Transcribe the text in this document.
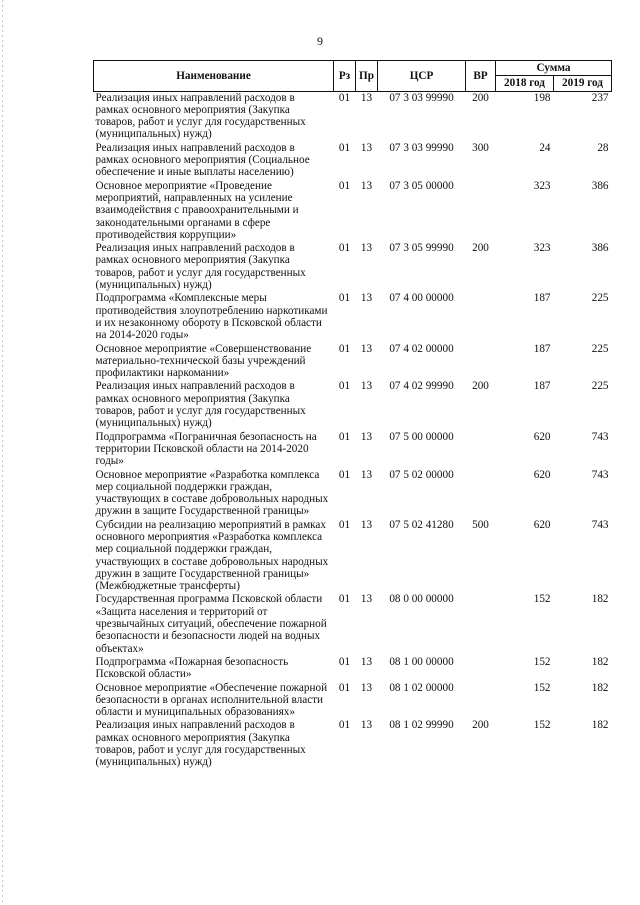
9
Наименование	Рз	Пр	ЦСР	ВР	Сумма	
					2018 год	2019 год
Реализация иных направлений расходов в рамках основного мероприятия (Закупка товаров, работ и услуг для государственных (муниципальных) нужд)	01	13	07 3 03 99990	200	198	237
Реализация иных направлений расходов в рамках основного мероприятия (Социальное обеспечение и иные выплаты населению)	01	13	07 3 03 99990	300	24	28
Основное мероприятие «Проведение мероприятий, направленных на усиление взаимодействия с правоохранительными и законодательными органами в сфере противодействия коррупции»	01	13	07 3 05 00000		323	386
Реализация иных направлений расходов в рамках основного мероприятия (Закупка товаров, работ и услуг для государственных (муниципальных) нужд)	01	13	07 3 05 99990	200	323	386
Подпрограмма «Комплексные меры противодействия злоупотреблению наркотиками и их незаконному обороту в Псковской области на 2014-2020 годы»	01	13	07 4 00 00000		187	225
Основное мероприятие «Совершенствование материально-технической базы учреждений профилактики наркомании»	01	13	07 4 02 00000		187	225
Реализация иных направлений расходов в рамках основного мероприятия (Закупка товаров, работ и услуг для государственных (муниципальных) нужд)	01	13	07 4 02 99990	200	187	225
Подпрограмма «Пограничная безопасность на территории Псковской области на 2014-2020 годы»	01	13	07 5 00 00000		620	743
Основное мероприятие «Разработка комплекса мер социальной поддержки граждан, участвующих в составе добровольных народных дружин в защите Государственной границы»	01	13	07 5 02 00000		620	743
Субсидии на реализацию мероприятий в рамках основного мероприятия «Разработка комплекса мер социальной поддержки граждан, участвующих в составе добровольных народных дружин в защите Государственной границы» (Межбюджетные трансферты)	01	13	07 5 02 41280	500	620	743
Государственная программа Псковской области «Защита населения и территорий от чрезвычайных ситуаций, обеспечение пожарной безопасности и безопасности людей на водных объектах»	01	13	08 0 00 00000		152	182
Подпрограмма «Пожарная безопасность Псковской области»	01	13	08 1 00 00000		152	182
Основное мероприятие «Обеспечение пожарной безопасности в органах исполнительной власти области и муниципальных образованиях»	01	13	08 1 02 00000		152	182
Реализация иных направлений расходов в рамках основного мероприятия (Закупка товаров, работ и услуг для государственных (муниципальных) нужд)	01	13	08 1 02 99990	200	152	182
